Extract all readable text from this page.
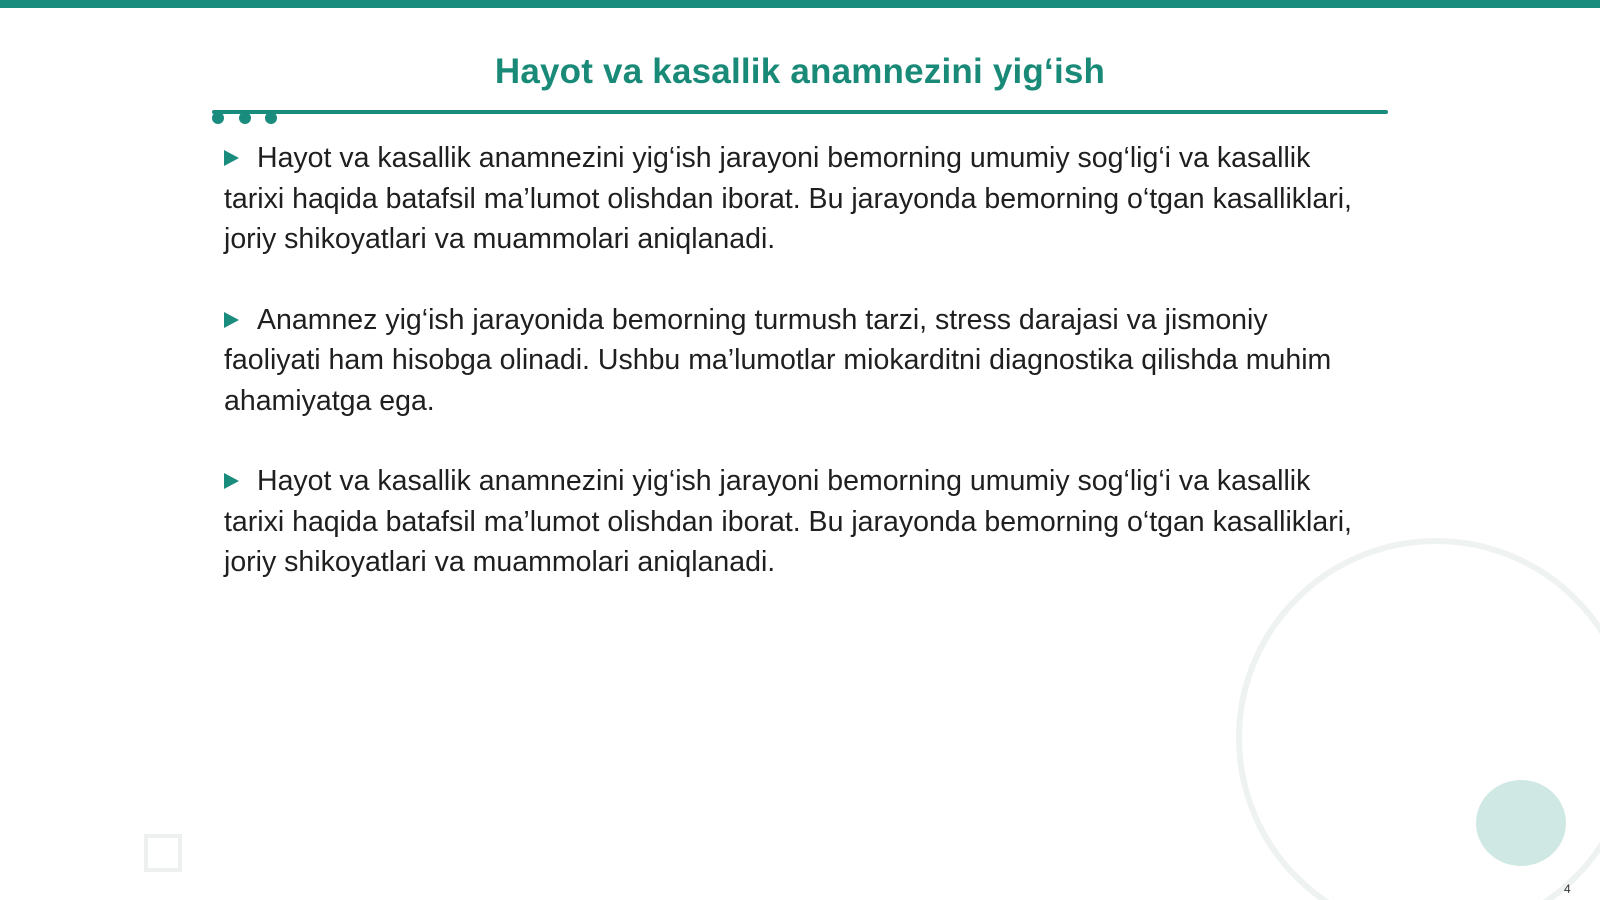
Hayot va kasallik anamnezini yig‘ish
Hayot va kasallik anamnezini yig‘ish jarayoni bemorning umumiy sog‘lig‘i va kasallik tarixi haqida batafsil ma’lumot olishdan iborat. Bu jarayonda bemorning o‘tgan kasalliklari, joriy shikoyatlari va muammolari aniqlanadi.
Anamnez yig‘ish jarayonida bemorning turmush tarzi, stress darajasi va jismoniy faoliyati ham hisobga olinadi. Ushbu ma’lumotlar miokarditni diagnostika qilishda muhim ahamiyatga ega.
Hayot va kasallik anamnezini yig‘ish jarayoni bemorning umumiy sog‘lig‘i va kasallik tarixi haqida batafsil ma’lumot olishdan iborat. Bu jarayonda bemorning o‘tgan kasalliklari, joriy shikoyatlari va muammolari aniqlanadi.
4
